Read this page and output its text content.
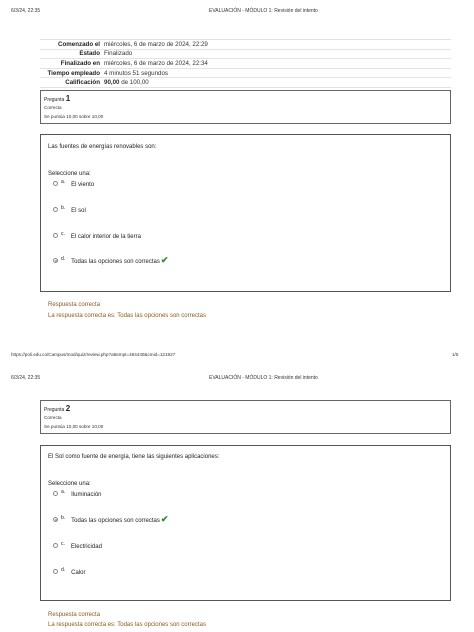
6/3/24, 22:35	EVALUACIÓN - MÓDULO 1: Revisión del intento
Comenzado el miércoles, 6 de marzo de 2024, 22:29
Estado Finalizado
Finalizado en miércoles, 6 de marzo de 2024, 22:34
Tiempo empleado 4 minutos 51 segundos
Calificación 90,00 de 100,00
Pregunta 1
Correcta
Se puntúa 10,00 sobre 10,00
Las fuentes de energías renovables son:
Seleccione una:
a. El viento
b. El sol
c. El calor interior de la tierra
d. Todas las opciones son correctas ✔
Respuesta correcta
La respuesta correcta es: Todas las opciones son correctas
https://poli.edu.co/Campus/mod/quiz/review.php?attempt=484440&cmid=121927	1/5
6/3/24, 22:35	EVALUACIÓN - MÓDULO 1: Revisión del intento
Pregunta 2
Correcta
Se puntúa 10,00 sobre 10,00
El Sol como fuente de energía, tiene las siguientes aplicaciones:
Seleccione una:
a. Iluminación
b. Todas las opciones son correctas ✔
c. Electricidad
d. Calor
Respuesta correcta
La respuesta correcta es: Todas las opciones son correctas
